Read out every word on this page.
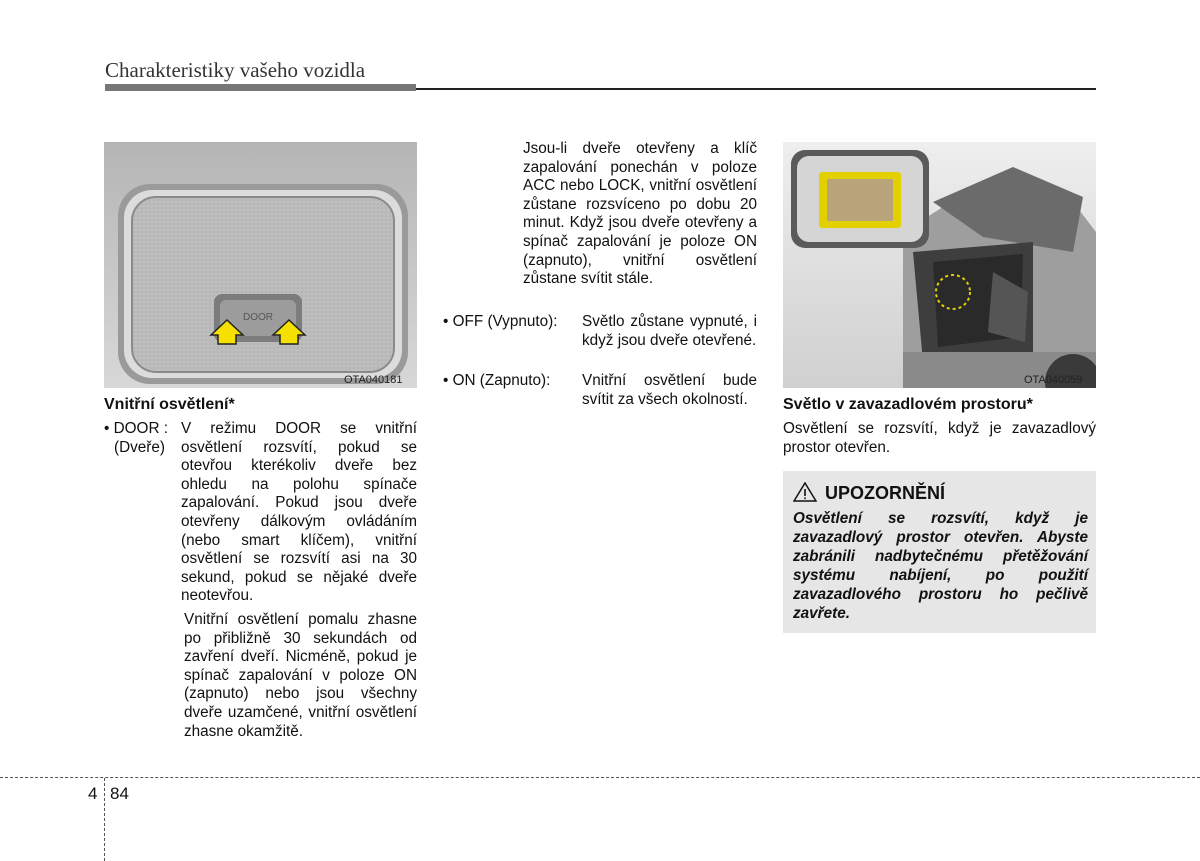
Charakteristiky vašeho vozidla
DOOR
OTA040181
Vnitřní osvětlení*
• DOOR :
(Dveře)
V režimu DOOR se vnitřní osvětlení rozsvítí, pokud se otevřou kterékoliv dveře bez ohledu na polohu spínače zapalování. Pokud jsou dveře otevřeny dálkovým ovládáním (nebo smart klíčem), vnitřní osvětlení se rozsvítí asi na 30 sekund, pokud se nějaké dveře neotevřou.
Vnitřní osvětlení pomalu zhasne po přibližně 30 sekundách od zavření dveří. Nicméně, pokud je spínač zapalování v poloze ON (zapnuto) nebo jsou všechny dveře uzamčené, vnitřní osvětlení zhasne okamžitě.
Jsou-li dveře otevřeny a klíč zapalování ponechán v poloze ACC nebo LOCK, vnitřní osvětlení zůstane rozsvíceno po dobu 20 minut. Když jsou dveře otevřeny a spínač zapalování je poloze ON (zapnuto), vnitřní osvětlení zůstane svítit stále.
• OFF (Vypnuto): Světlo zůstane vypnuté, i když jsou dveře otevřené.
• ON (Zapnuto): Vnitřní osvětlení bude svítit za všech okolností.
OTA040059
Světlo v zavazadlovém prostoru*
Osvětlení se rozsvítí, když je zavazadlový prostor otevřen.
UPOZORNĚNÍ
Osvětlení se rozsvítí, když je zavazadlový prostor otevřen. Abyste zabránili nadbytečnému přetěžování systému nabíjení, po použití zavazadlového prostoru ho pečlivě zavřete.
4 84
